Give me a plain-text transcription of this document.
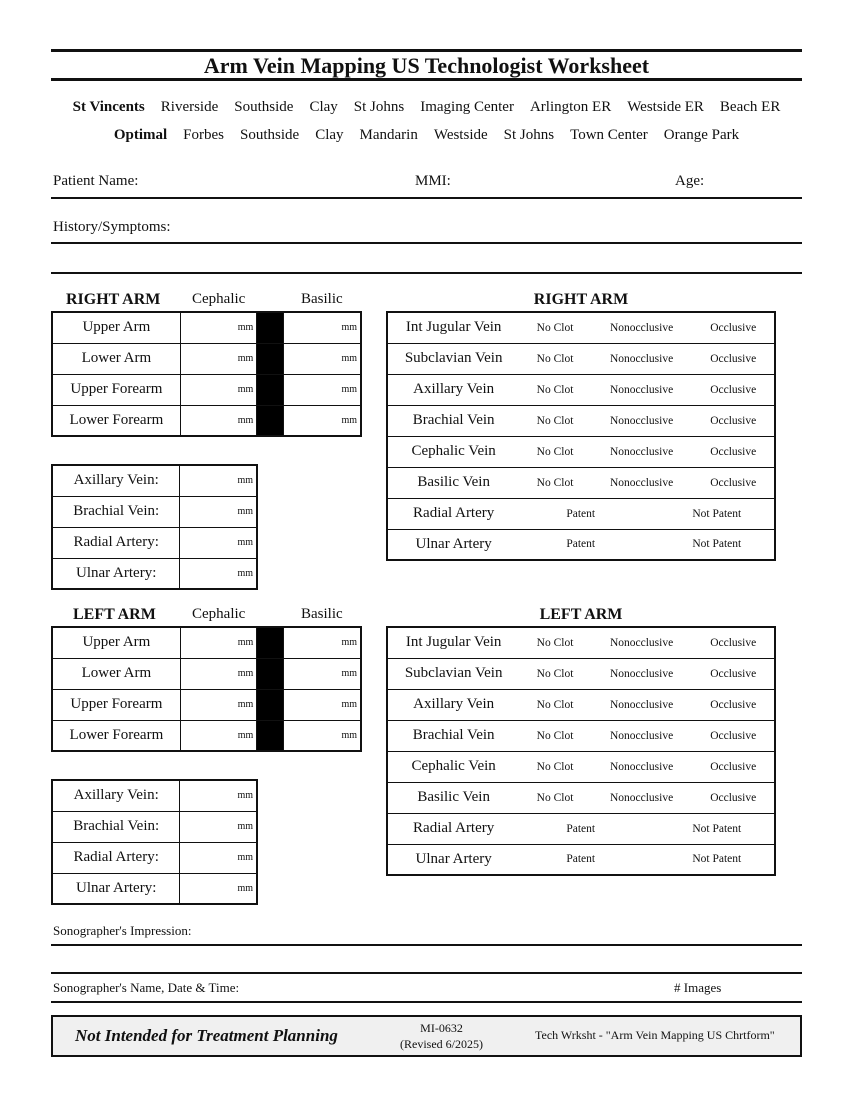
Arm Vein Mapping US Technologist Worksheet
St Vincents Riverside Southside Clay St Johns Imaging Center Arlington ER Westside ER Beach ER
Optimal Forbes Southside Clay Mandarin Westside St Johns Town Center Orange Park
Patient Name:	MMI:	Age:
History/Symptoms:
RIGHT ARM Cephalic	Basilic
Upper Arm	mm		mm
Lower Arm	mm		mm
Upper Forearm	mm		mm
Lower Forearm	mm		mm
Axillary Vein:	mm
Brachial Vein:	mm
Radial Artery:	mm
Ulnar Artery:	mm
RIGHT ARM
Int Jugular Vein	No Clot	Nonocclusive	Occlusive
Subclavian Vein	No Clot	Nonocclusive	Occlusive
Axillary Vein	No Clot	Nonocclusive	Occlusive
Brachial Vein	No Clot	Nonocclusive	Occlusive
Cephalic Vein	No Clot	Nonocclusive	Occlusive
Basilic Vein	No Clot	Nonocclusive	Occlusive
Radial Artery	Patent		Not Patent
Ulnar Artery	Patent		Not Patent
LEFT ARM Cephalic	Basilic
Upper Arm	mm		mm
Lower Arm	mm		mm
Upper Forearm	mm		mm
Lower Forearm	mm		mm
Axillary Vein:	mm
Brachial Vein:	mm
Radial Artery:	mm
Ulnar Artery:	mm
LEFT ARM
Int Jugular Vein	No Clot	Nonocclusive	Occlusive
Subclavian Vein	No Clot	Nonocclusive	Occlusive
Axillary Vein	No Clot	Nonocclusive	Occlusive
Brachial Vein	No Clot	Nonocclusive	Occlusive
Cephalic Vein	No Clot	Nonocclusive	Occlusive
Basilic Vein	No Clot	Nonocclusive	Occlusive
Radial Artery	Patent		Not Patent
Ulnar Artery	Patent		Not Patent
Sonographer's Impression:
Sonographer's Name, Date & Time:	# Images
Not Intended for Treatment Planning	MI-0632
(Revised 6/2025)
Tech Wrksht - "Arm Vein Mapping US Chrtform"
